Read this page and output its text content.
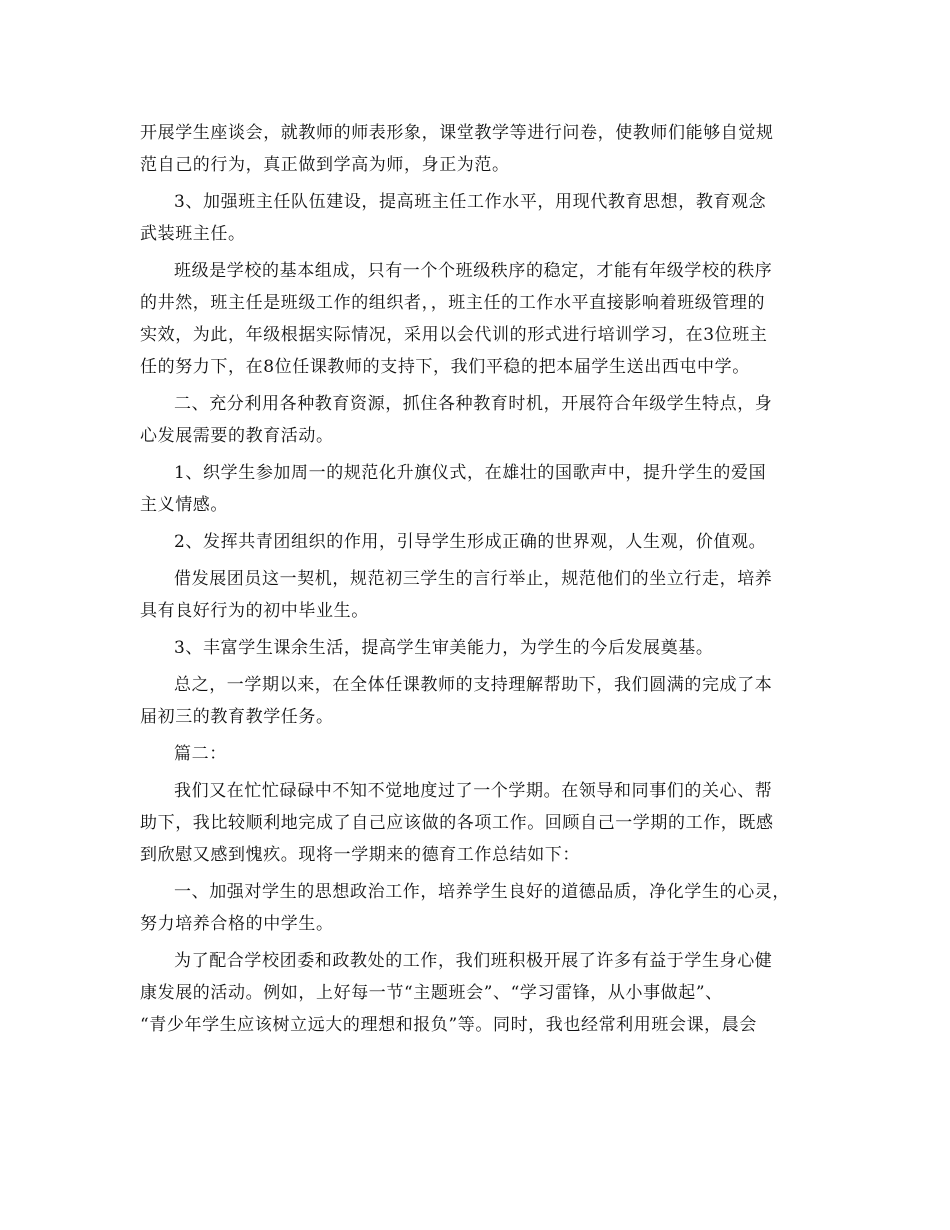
开展学生座谈会，就教师的师表形象，课堂教学等进行问卷，使教师们能够自觉规
范自己的行为，真正做到学高为师，身正为范。
3、加强班主任队伍建设，提高班主任工作水平，用现代教育思想，教育观念
武装班主任。
班级是学校的基本组成，只有一个个班级秩序的稳定，才能有年级学校的秩序
的井然，班主任是班级工作的组织者，，班主任的工作水平直接影响着班级管理的
实效，为此，年级根据实际情况，采用以会代训的形式进行培训学习，在3位班主
任的努力下，在8位任课教师的支持下，我们平稳的把本届学生送出西屯中学。
二、充分利用各种教育资源，抓住各种教育时机，开展符合年级学生特点，身
心发展需要的教育活动。
1、织学生参加周一的规范化升旗仪式，在雄壮的国歌声中，提升学生的爱国
主义情感。
2、发挥共青团组织的作用，引导学生形成正确的世界观，人生观，价值观。
借发展团员这一契机，规范初三学生的言行举止，规范他们的坐立行走，培养
具有良好行为的初中毕业生。
3、丰富学生课余生活，提高学生审美能力，为学生的今后发展奠基。
总之，一学期以来，在全体任课教师的支持理解帮助下，我们圆满的完成了本
届初三的教育教学任务。
篇二：
我们又在忙忙碌碌中不知不觉地度过了一个学期。在领导和同事们的关心、帮
助下，我比较顺利地完成了自己应该做的各项工作。回顾自己一学期的工作，既感
到欣慰又感到愧疚。现将一学期来的德育工作总结如下：
一、加强对学生的思想政治工作，培养学生良好的道德品质，净化学生的心灵，
努力培养合格的中学生。
为了配合学校团委和政教处的工作，我们班积极开展了许多有益于学生身心健
康发展的活动。例如，上好每一节“主题班会”、“学习雷锋，从小事做起”、
“青少年学生应该树立远大的理想和报负”等。同时，我也经常利用班会课，晨会
